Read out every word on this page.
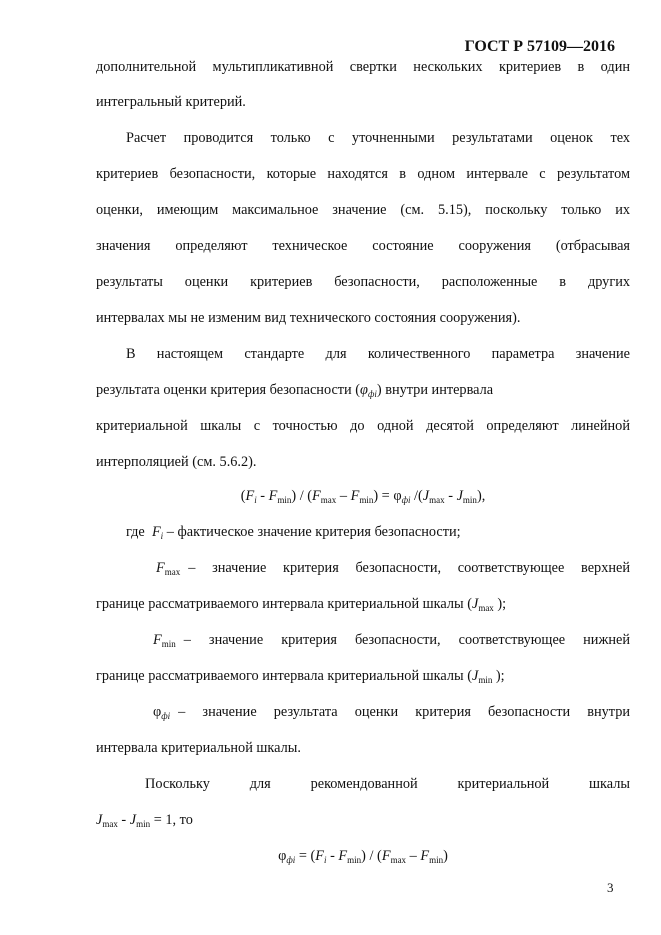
ГОСТ Р 57109—2016
дополнительной мультипликативной свертки нескольких критериев в один
интегральный критерий.
Расчет проводится только с уточненными результатами оценок тех
критериев безопасности, которые находятся в одном интервале с результатом
оценки, имеющим максимальное значение (см. 5.15), поскольку только их
значения определяют техническое состояние сооружения (отбрасывая
результаты оценки критериев безопасности, расположенные в других
интервалах мы не изменим вид технического состояния сооружения).
В настоящем стандарте для количественного параметра значение
результата оценки критерия безопасности $(\varphi_{фi})$ внутри интервала
критериальной шкалы с точностью до одной десятой определяют линейной
интерполяцией (см. 5.6.2).
$(F_i - F_{min}) / (F_{max} - F_{min}) = \varphi_{фi}$ $/(J_{max} - J_{min})$,
где $F_i$ – фактическое значение критерия безопасности;
$F_{max}$ – значение критерия безопасности, соответствующее верхней
границе рассматриваемого интервала критериальной шкалы ($J_{max}$ );
$F_{min}$ – значение критерия безопасности, соответствующее нижней
границе рассматриваемого интервала критериальной шкалы ($J_{min}$ );
$\varphi_{фi}$ – значение результата оценки критерия безопасности внутри
интервала критериальной шкалы.
Поскольку для рекомендованной критериальной шкалы
$J_{max} - J_{min} = 1$, то
$\varphi_{фi} = (F_i - F_{min}) / (F_{max} - F_{min})$
3
